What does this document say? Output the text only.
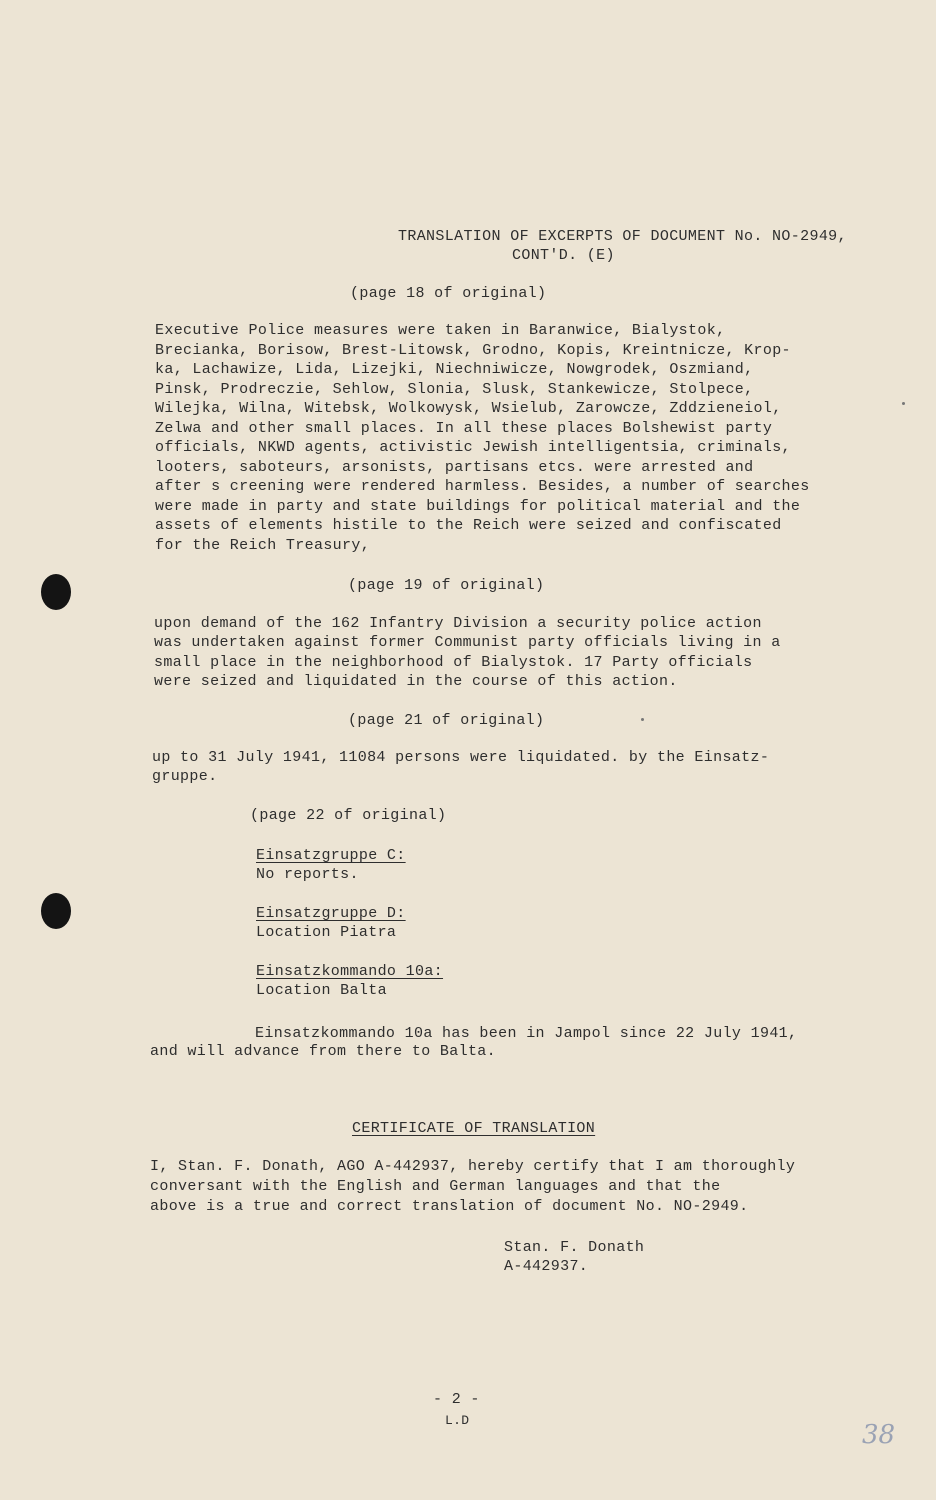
TRANSLATION OF EXCERPTS OF DOCUMENT No. NO-2949,
CONT'D. (E)
(page 18 of original)
Executive Police measures were taken in Baranwice, Bialystok,
Brecianka, Borisow, Brest-Litowsk, Grodno, Kopis, Kreintnicze, Krop-
ka, Lachawize, Lida, Lizejki, Niechniwicze, Nowgrodek, Oszmiand,
Pinsk, Prodreczie, Sehlow, Slonia, Slusk, Stankewicze, Stolpece,
Wilejka, Wilna, Witebsk, Wolkowysk, Wsielub, Zarowcze, Zddzieneiol,
Zelwa and other small places. In all these places Bolshewist party
officials, NKWD agents, activistic Jewish intelligentsia, criminals,
looters, saboteurs, arsonists, partisans etcs. were arrested and
after s creening were rendered harmless. Besides, a number of searches
were made in party and state buildings for political material and the
assets of elements histile to the Reich were seized and confiscated
for the Reich Treasury,
(page 19 of original)
upon demand of the 162 Infantry Division a security police action
was undertaken against former Communist party officials living in a
small place in the neighborhood of Bialystok. 17 Party officials
were seized and liquidated in the course of this action.
(page 21 of original)
up to 31 July 1941, 11084 persons were liquidated. by the Einsatz-
gruppe.
(page 22 of original)
Einsatzgruppe C:
No reports.
Einsatzgruppe D:
Location Piatra
Einsatzkommando 10a:
Location Balta
Einsatzkommando 10a has been in Jampol since 22 July 1941,
and will advance from there to Balta.
CERTIFICATE OF TRANSLATION
I, Stan. F. Donath, AGO A-442937, hereby certify that I am thoroughly
conversant with the English and German languages and that the
above is a true and correct translation of document No. NO-2949.
Stan. F. Donath
A-442937.
- 2 -
L.D	38
